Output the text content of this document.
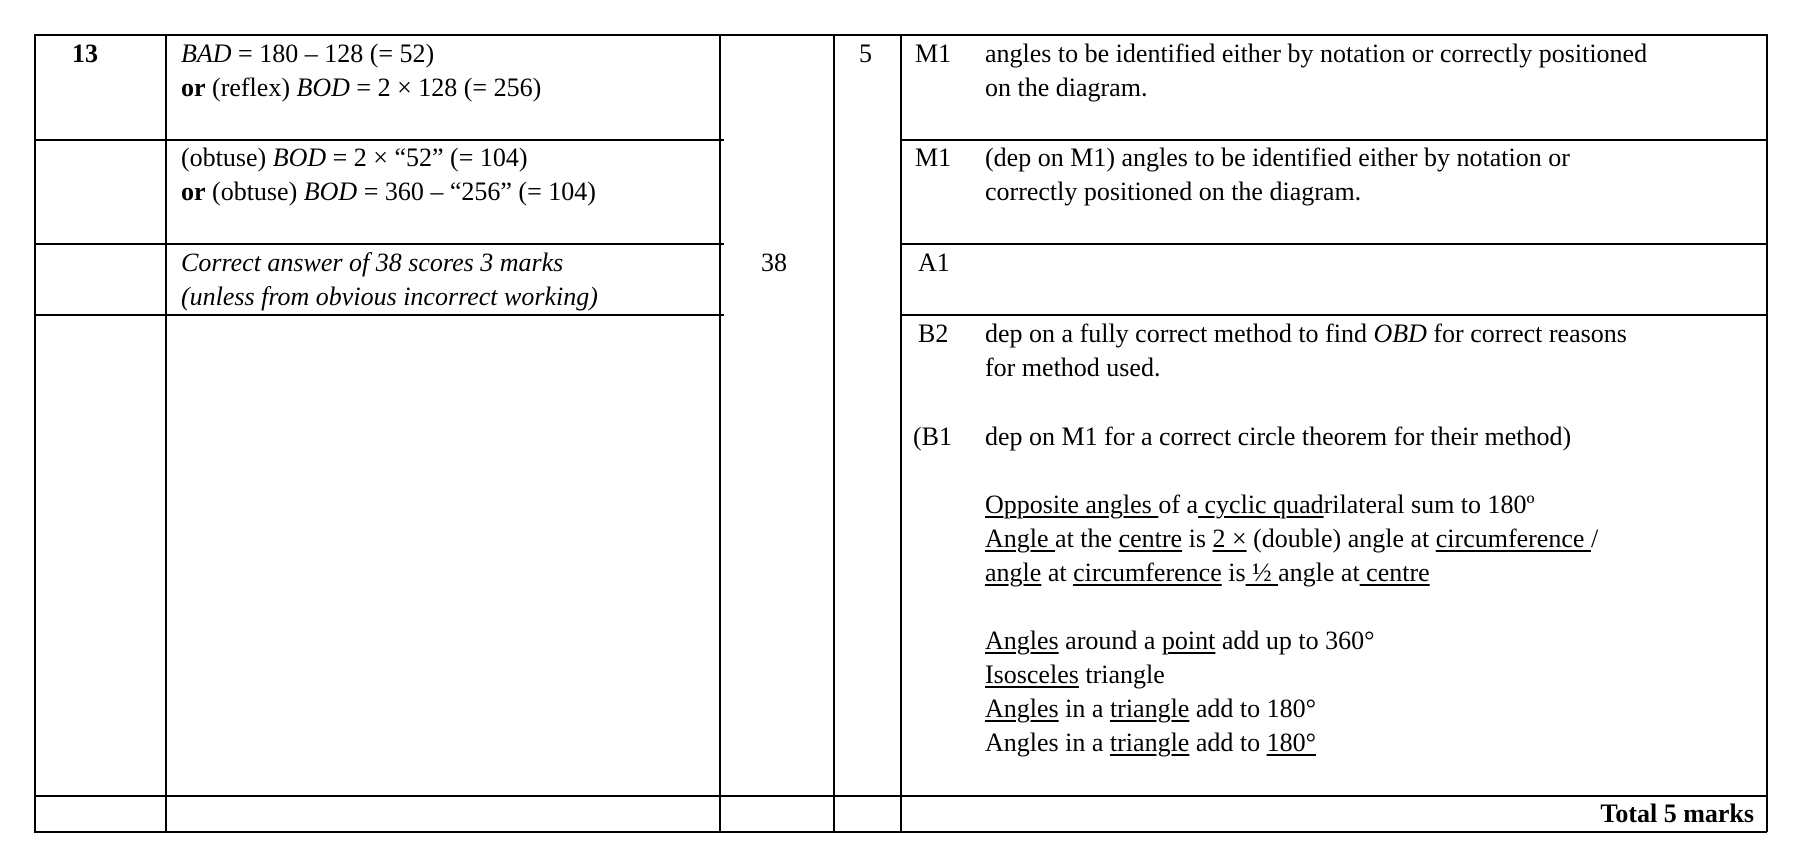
13	BAD = 180 – 128 (= 52)
or (reflex) BOD = 2 × 128 (= 256)
(obtuse) BOD = 2 × “52” (= 104)
or (obtuse) BOD = 360 – “256” (= 104)
Correct answer of 38 scores 3 marks
(unless from obvious incorrect working)
38
5 M1 angles to be identified either by notation or correctly positioned
on the diagram.
M1 (dep on M1) angles to be identified either by notation or
correctly positioned on the diagram.
A1
B2 dep on a fully correct method to find OBD for correct reasons
for method used.
(B1 dep on M1 for a correct circle theorem for their method)
Opposite angles of a cyclic quadrilateral sum to 180º
Angle at the centre is 2 × (double) angle at circumference /
angle at circumference is ½ angle at centre
Angles around a point add up to 360°
Isosceles triangle
Angles in a triangle add to 180°
Angles in a triangle add to 180°
Total 5 marks
